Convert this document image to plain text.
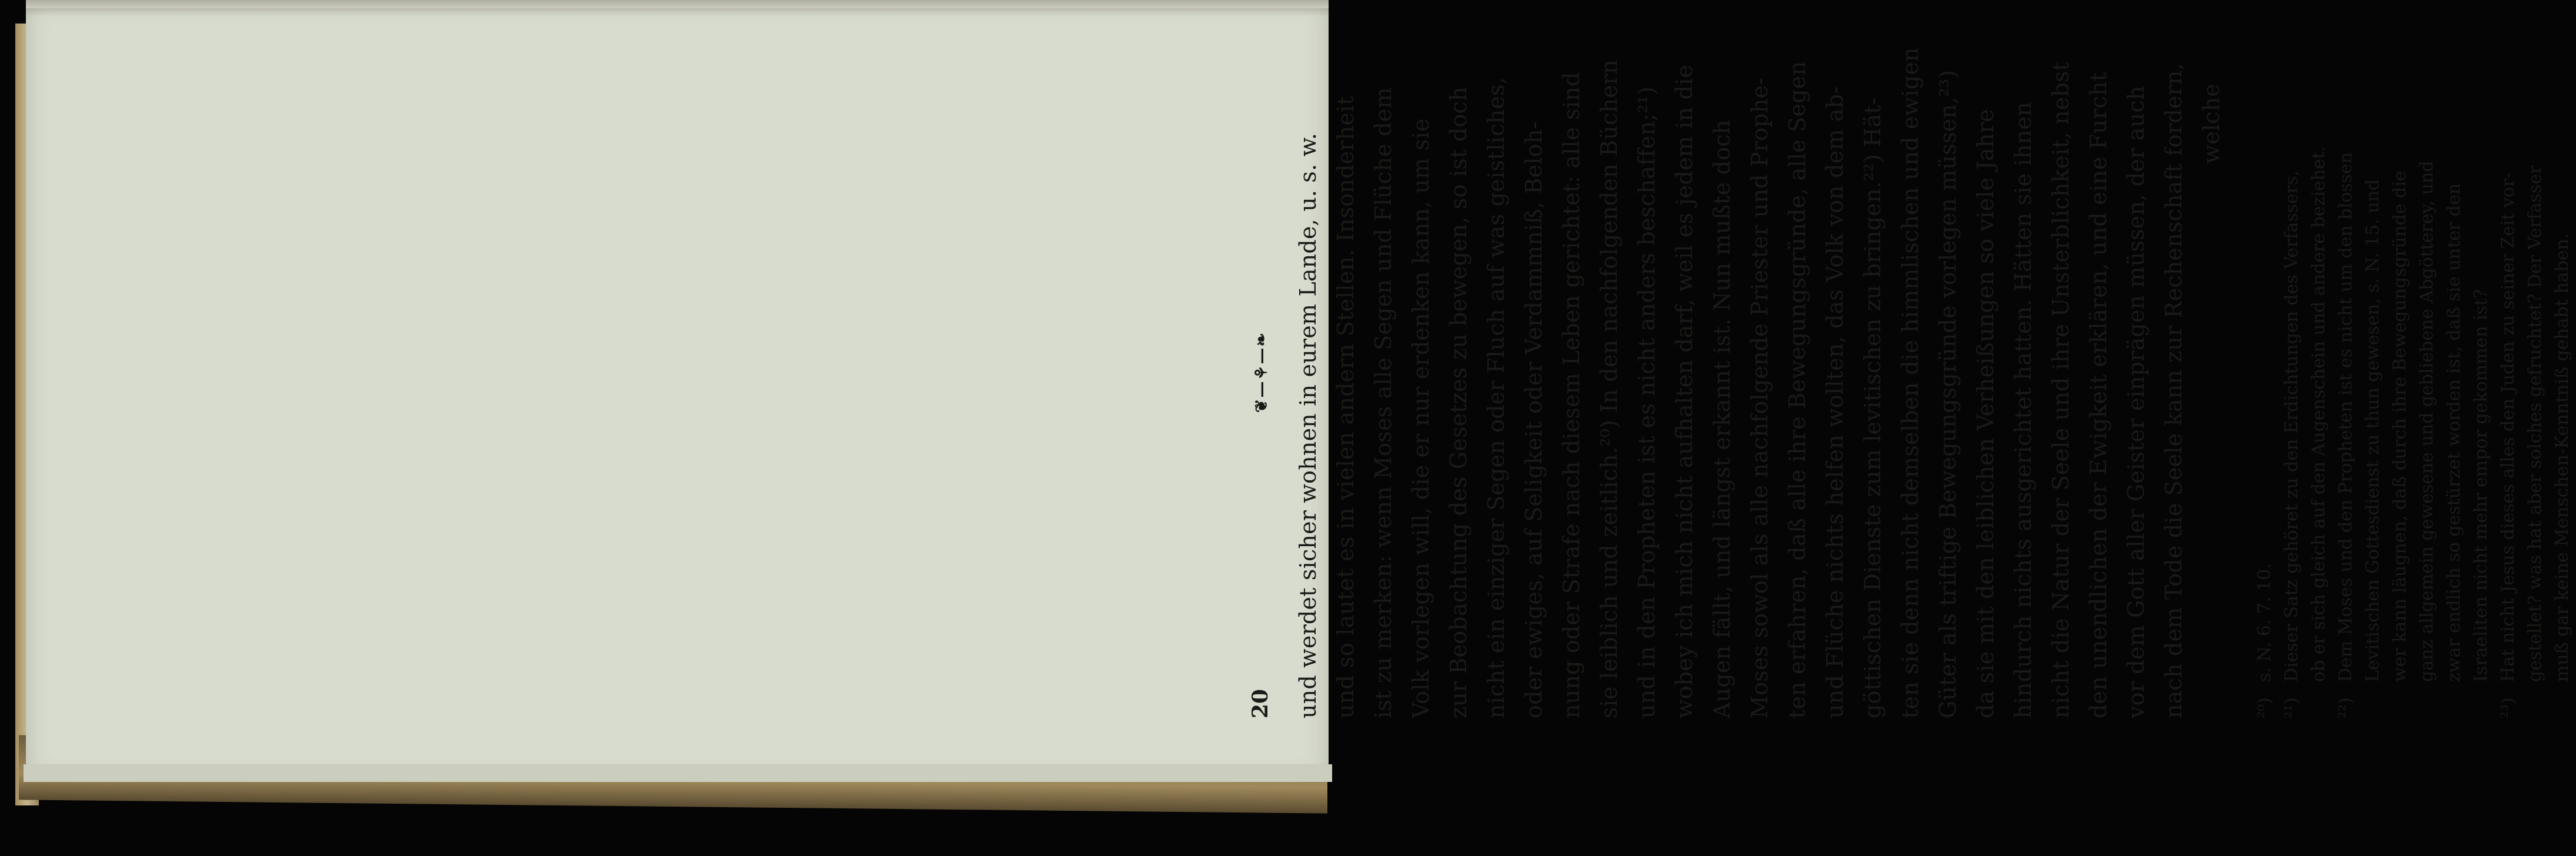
20
❦—⚘—❧ und werdet sicher wohnen in eurem Lande, u. s. w. und so lautet es in vielen andern Stellen. Insonderheit ist zu merken: wenn Moses alle Segen und Flüche dem Volk vorlegen will, die er nur erdenken kann, um sie zur Beobachtung des Gesetzes zu bewegen, so ist doch nicht ein einziger Segen oder Fluch auf was geistliches, oder ewiges, auf Seligkeit oder Verdammniß, Beloh- nung oder Strafe nach diesem Leben gerichtet: alle sind sie leiblich und zeitlich.²⁰) In den nachfolgenden Büchern und in den Propheten ist es nicht anders beschaffen;²¹) wobey ich mich nicht aufhalten darf, weil es jedem in die Augen fällt, und längst erkannt ist. Nun mußte doch Moses sowol als alle nachfolgende Priester und Prophe- ten erfahren, daß alle ihre Bewegungsgründe, alle Segen und Flüche nichts helfen wollten, das Volk von dem ab- göttischen Dienste zum levitischen zu bringen.²²) Hät- ten sie denn nicht demselben die himmlischen und ewigen Güter als triftige Bewegungsgründe vorlegen müssen,²³) da sie mit den leiblichen Verheißungen so viele Jahre hindurch nichts ausgerichtet hatten. Hätten sie ihnen nicht die Natur der Seele und ihre Unsterblichkeit, nebst den unendlichen der Ewigkeit erklären, und eine Furcht vor dem Gott aller Geister einprägen müssen, der auch nach dem Tode die Seele kann zur Rechenschaft fordern, welche
²⁰)s. N. 6. 7. 10.
²¹)Dieser Satz gehöret zu den Erdichtungen des Verfassers, ob er sich gleich auf den Augenschein und andere beziehet.
²²)Dem Moses und den Propheten ist es nicht um den blossen Levitischen Gottesdienst zu thun gewesen, s. N. 15. und wer kann läugnen, daß durch ihre Bewegungsgründe die ganz allgemein gewesene und gebliebene Abgötterey, und zwar endlich so gestürzet worden ist, daß sie unter den Israeliten nicht mehr empor gekommen ist?
²³)Hat nicht Jesus dieses alles den Juden zu seiner Zeit vor- gestellet? was hat aber solches gefruchtet? Der Verfasser muß gar keine Menschen-Kenntniß gehabt haben.
